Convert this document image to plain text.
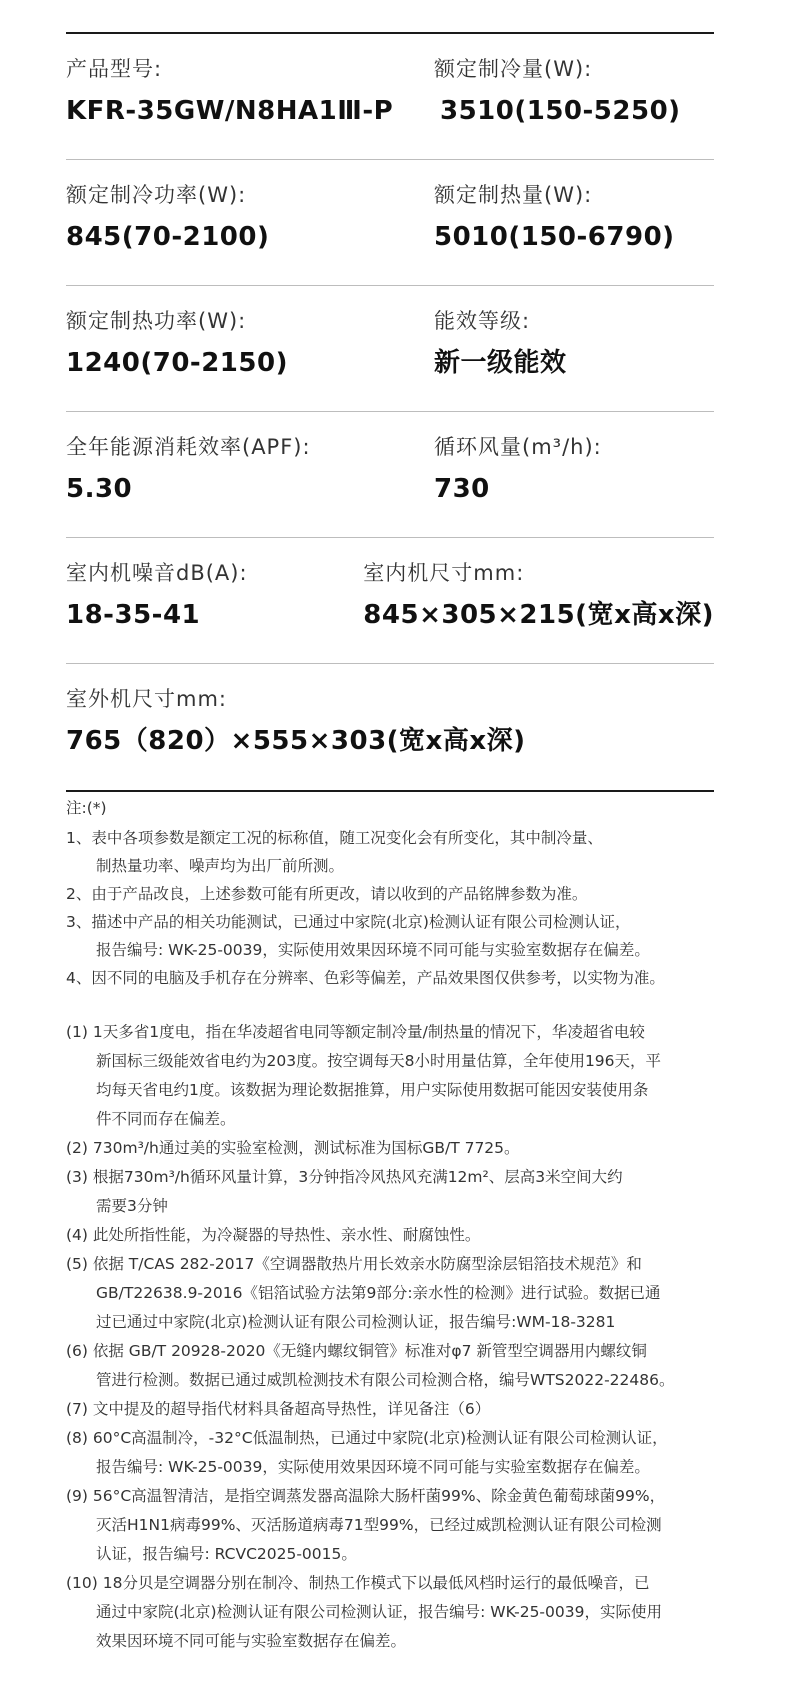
产品型号:
KFR-35GW/N8HA1Ⅲ-P
额定制冷量(W):
3510(150-5250)
额定制冷功率(W):
845(70-2100)
额定制热量(W):
5010(150-6790)
额定制热功率(W):
1240(70-2150)
能效等级:
新一级能效
全年能源消耗效率(APF):
5.30
循环风量(m³/h):
730
室内机噪音dB(A):
18-35-41
室内机尺寸mm:
845×305×215(宽x高x深)
室外机尺寸mm:
765（820）×555×303(宽x高x深)
注:(*)
1、表中各项参数是额定工况的标称值，随工况变化会有所变化，其中制冷量、
制热量功率、噪声均为出厂前所测。
2、由于产品改良，上述参数可能有所更改，请以收到的产品铭牌参数为准。
3、描述中产品的相关功能测试，已通过中家院(北京)检测认证有限公司检测认证，
报告编号: WK-25-0039，实际使用效果因环境不同可能与实验室数据存在偏差。
4、因不同的电脑及手机存在分辨率、色彩等偏差，产品效果图仅供参考，以实物为准。
(1) 1天多省1度电，指在华凌超省电同等额定制冷量/制热量的情况下，华凌超省电较
新国标三级能效省电约为203度。按空调每天8小时用量估算，全年使用196天，平
均每天省电约1度。该数据为理论数据推算，用户实际使用数据可能因安装使用条
件不同而存在偏差。
(2) 730m³/h通过美的实验室检测，测试标准为国标GB/T 7725。
(3) 根据730m³/h循环风量计算，3分钟指冷风热风充满12m²、层高3米空间大约
需要3分钟
(4) 此处所指性能，为冷凝器的导热性、亲水性、耐腐蚀性。
(5) 依据 T/CAS 282-2017《空调器散热片用长效亲水防腐型涂层铝箔技术规范》和
GB/T22638.9-2016《铝箔试验方法第9部分:亲水性的检测》进行试验。数据已通
过已通过中家院(北京)检测认证有限公司检测认证，报告编号:WM-18-3281
(6) 依据 GB/T 20928-2020《无缝内螺纹铜管》标准对φ7 新管型空调器用内螺纹铜
管进行检测。数据已通过威凯检测技术有限公司检测合格，编号WTS2022-22486。
(7) 文中提及的超导指代材料具备超高导热性，详见备注（6）
(8) 60°C高温制冷，-32°C低温制热，已通过中家院(北京)检测认证有限公司检测认证，
报告编号: WK-25-0039，实际使用效果因环境不同可能与实验室数据存在偏差。
(9) 56°C高温智清洁，是指空调蒸发器高温除大肠杆菌99%、除金黄色葡萄球菌99%，
灭活H1N1病毒99%、灭活肠道病毒71型99%，已经过威凯检测认证有限公司检测
认证，报告编号: RCVC2025-0015。
(10) 18分贝是空调器分别在制冷、制热工作模式下以最低风档时运行的最低噪音，已
通过中家院(北京)检测认证有限公司检测认证，报告编号: WK-25-0039，实际使用
效果因环境不同可能与实验室数据存在偏差。
